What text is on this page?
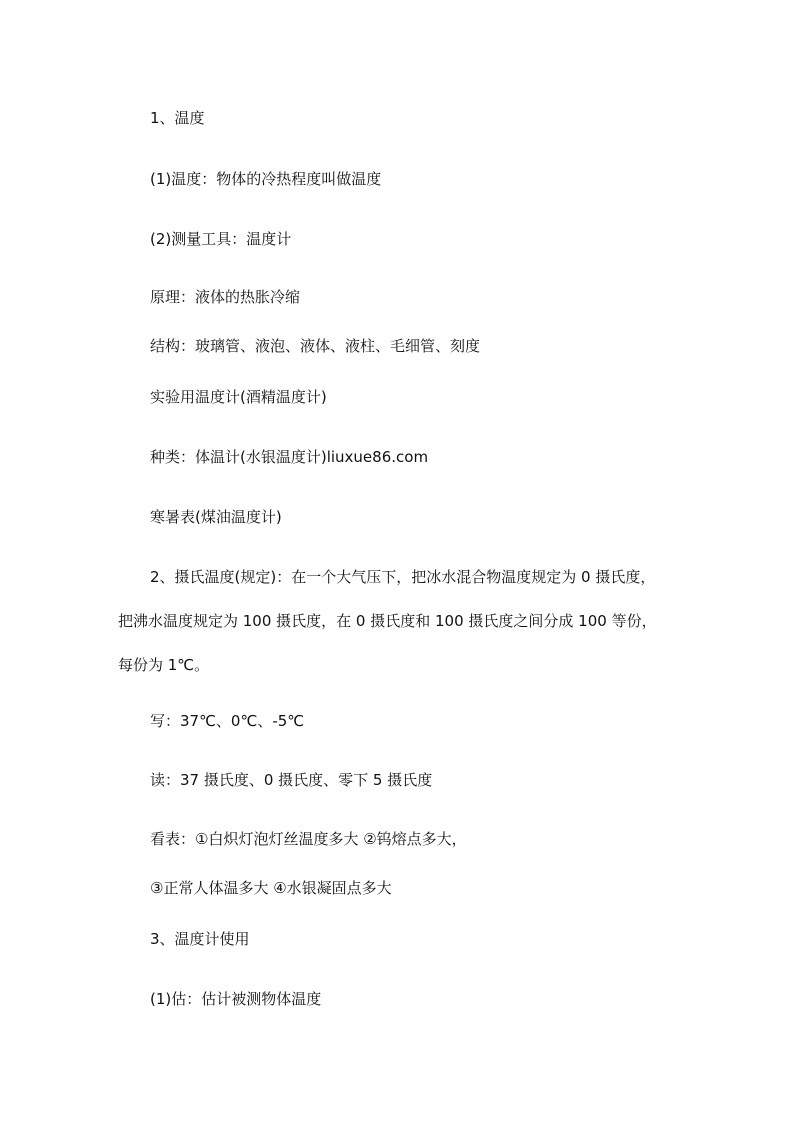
1、温度
(1)温度：物体的冷热程度叫做温度
(2)测量工具：温度计
原理：液体的热胀冷缩
结构：玻璃管、液泡、液体、液柱、毛细管、刻度
实验用温度计(酒精温度计)
种类：体温计(水银温度计)liuxue86.com
寒暑表(煤油温度计)
2、摄氏温度(规定)：在一个大气压下，把冰水混合物温度规定为 0 摄氏度，
把沸水温度规定为 100 摄氏度，在 0 摄氏度和 100 摄氏度之间分成 100 等份，
每份为 1℃。
写：37℃、0℃、-5℃
读：37 摄氏度、0 摄氏度、零下 5 摄氏度
看表：①白炽灯泡灯丝温度多大 ②钨熔点多大，
③正常人体温多大 ④水银凝固点多大
3、温度计使用
(1)估：估计被测物体温度
